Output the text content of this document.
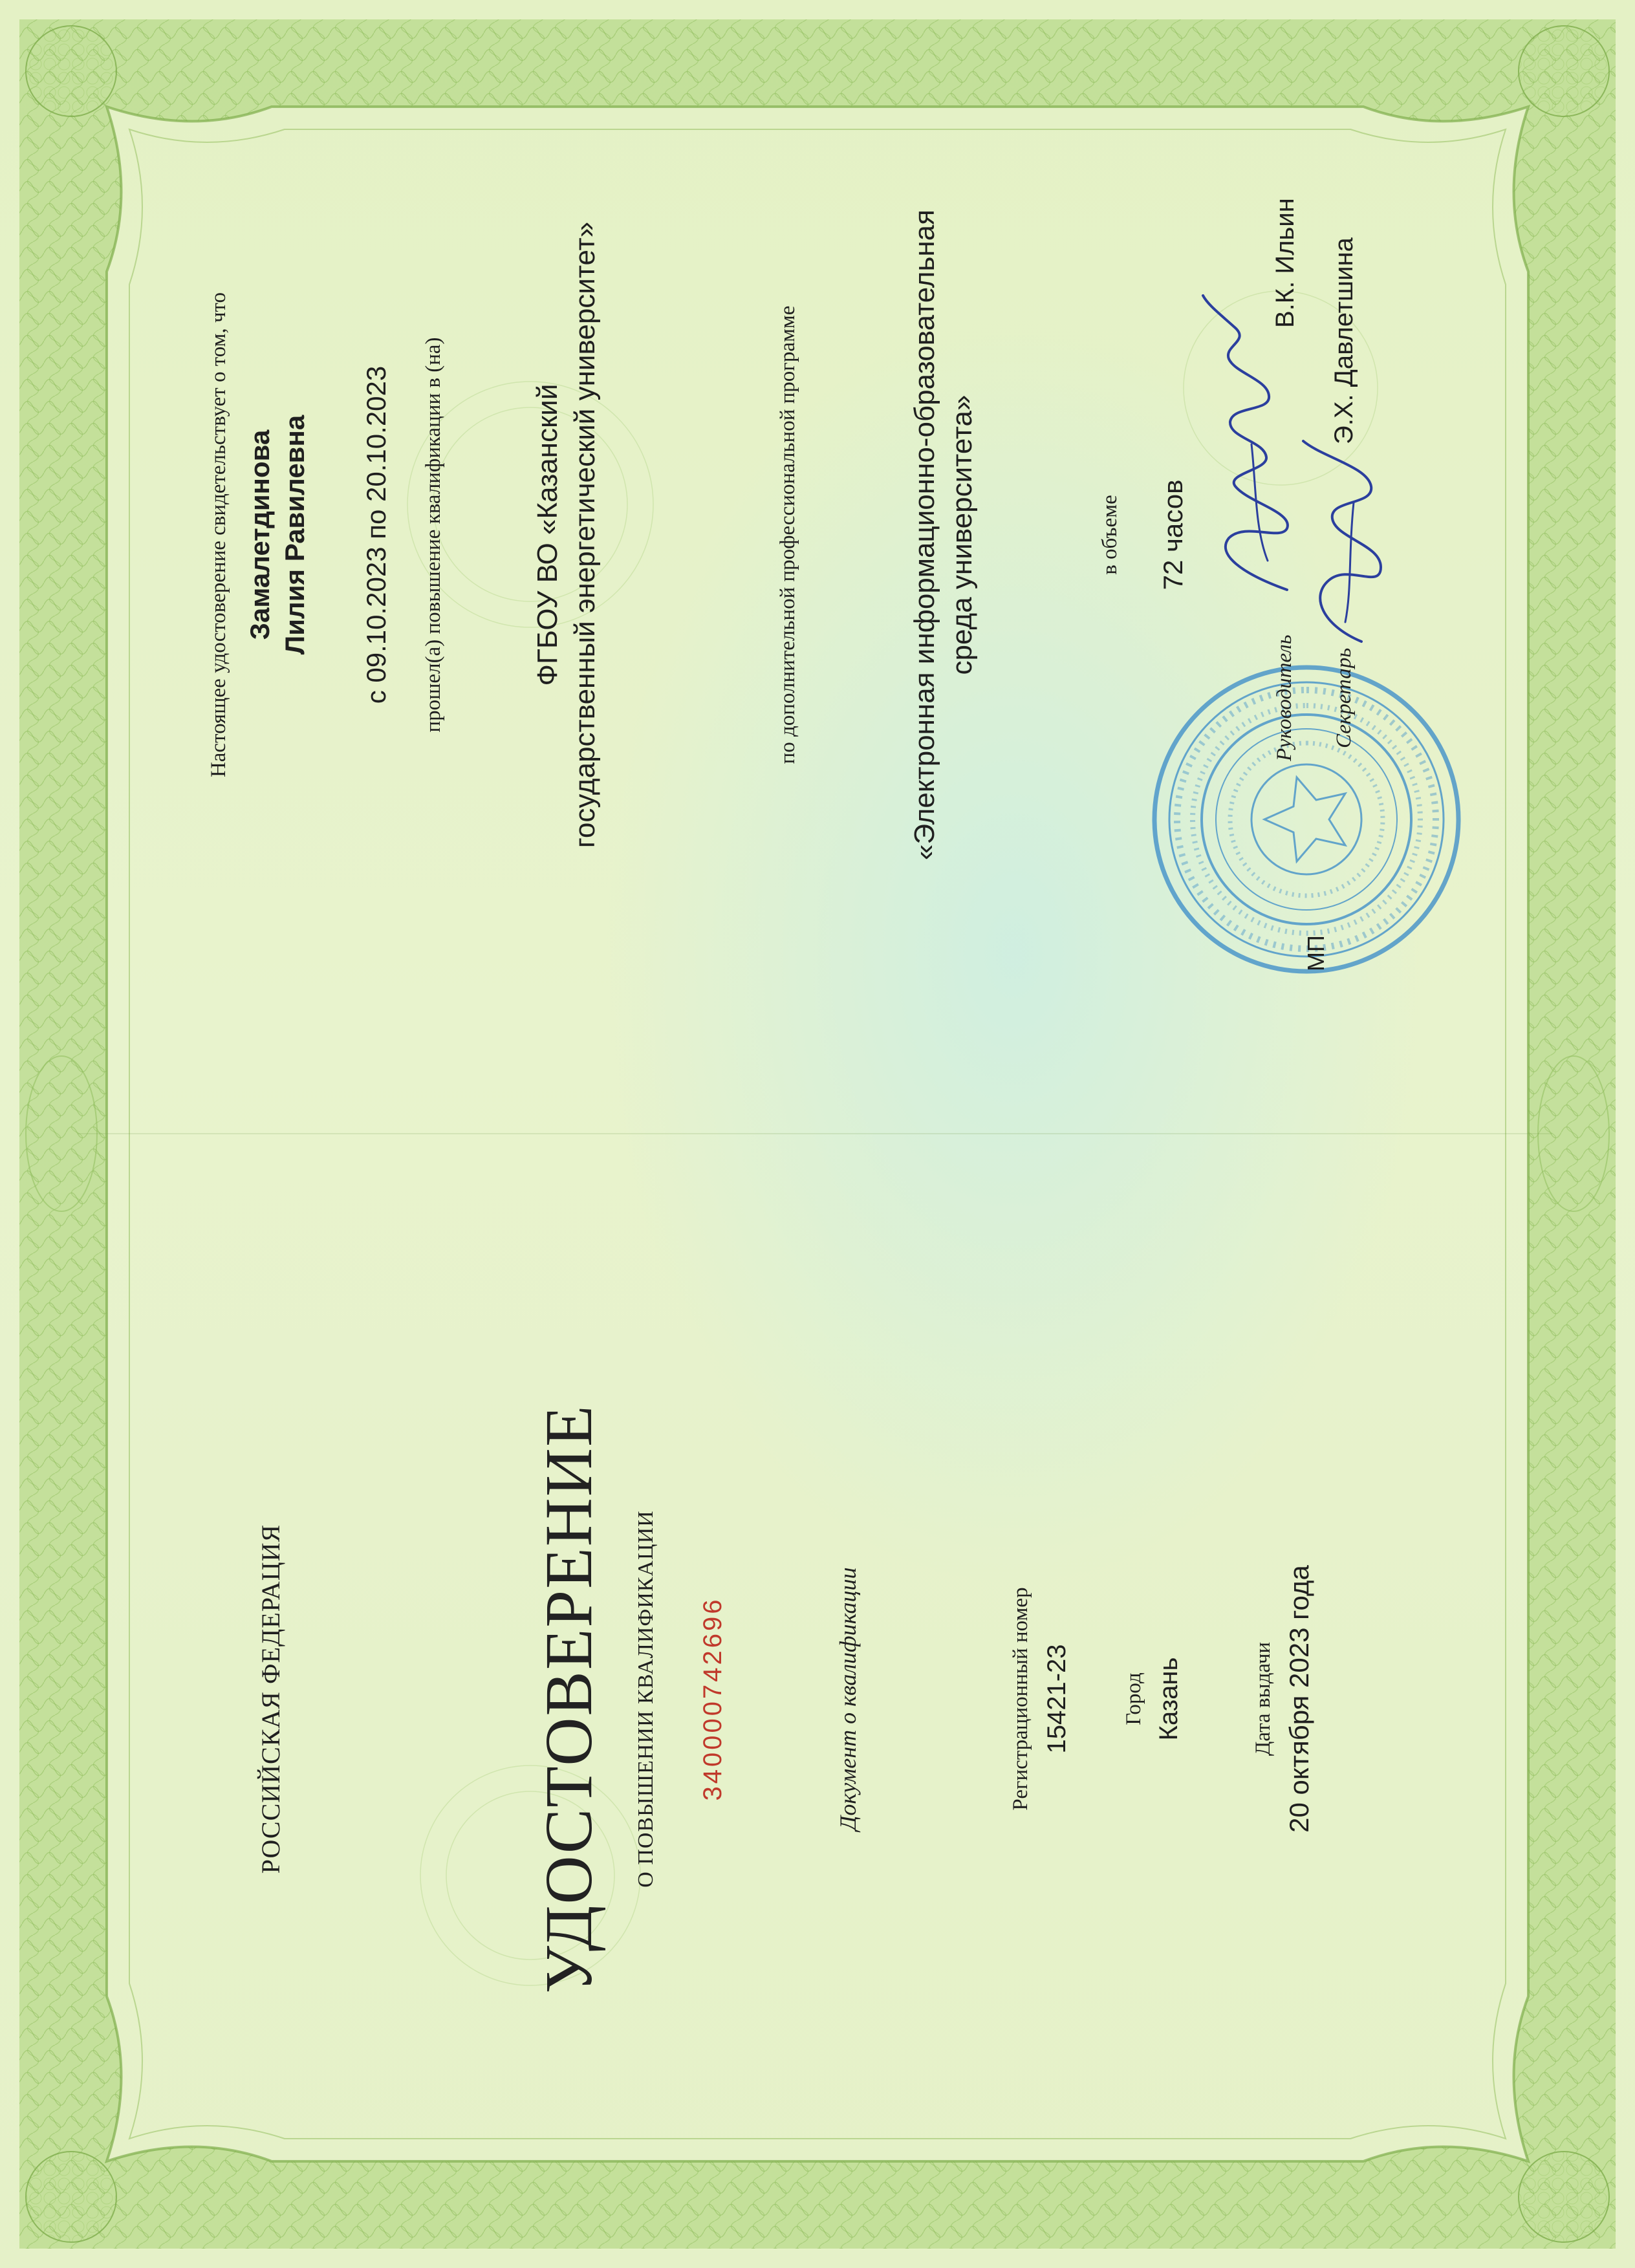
РОССИЙСКАЯ ФЕДЕРАЦИЯ	УДОСТОВЕРЕНИЕ О ПОВЫШЕНИИ КВАЛИФИКАЦИИ 340000742696	Документ о квалификации	Регистрационный номер 15421-23 Город Казань	Дата выдачи 20 октября 2023 года
Настоящее удостоверение свидетельствует о том, что Замалетдинова Лилия Равилевна с 09.10.2023 по 20.10.2023 прошел(а) повышение квалификации в (на)	ФГБОУ ВО «Казанский государственный энергетический университет»	по дополнительной профессиональной программе	«Электронная информационно-образовательная среда университета»	в объеме 72 часов
МП
Руководитель
В.К. Ильин
Секретарь
Э.Х. Давлетшина
